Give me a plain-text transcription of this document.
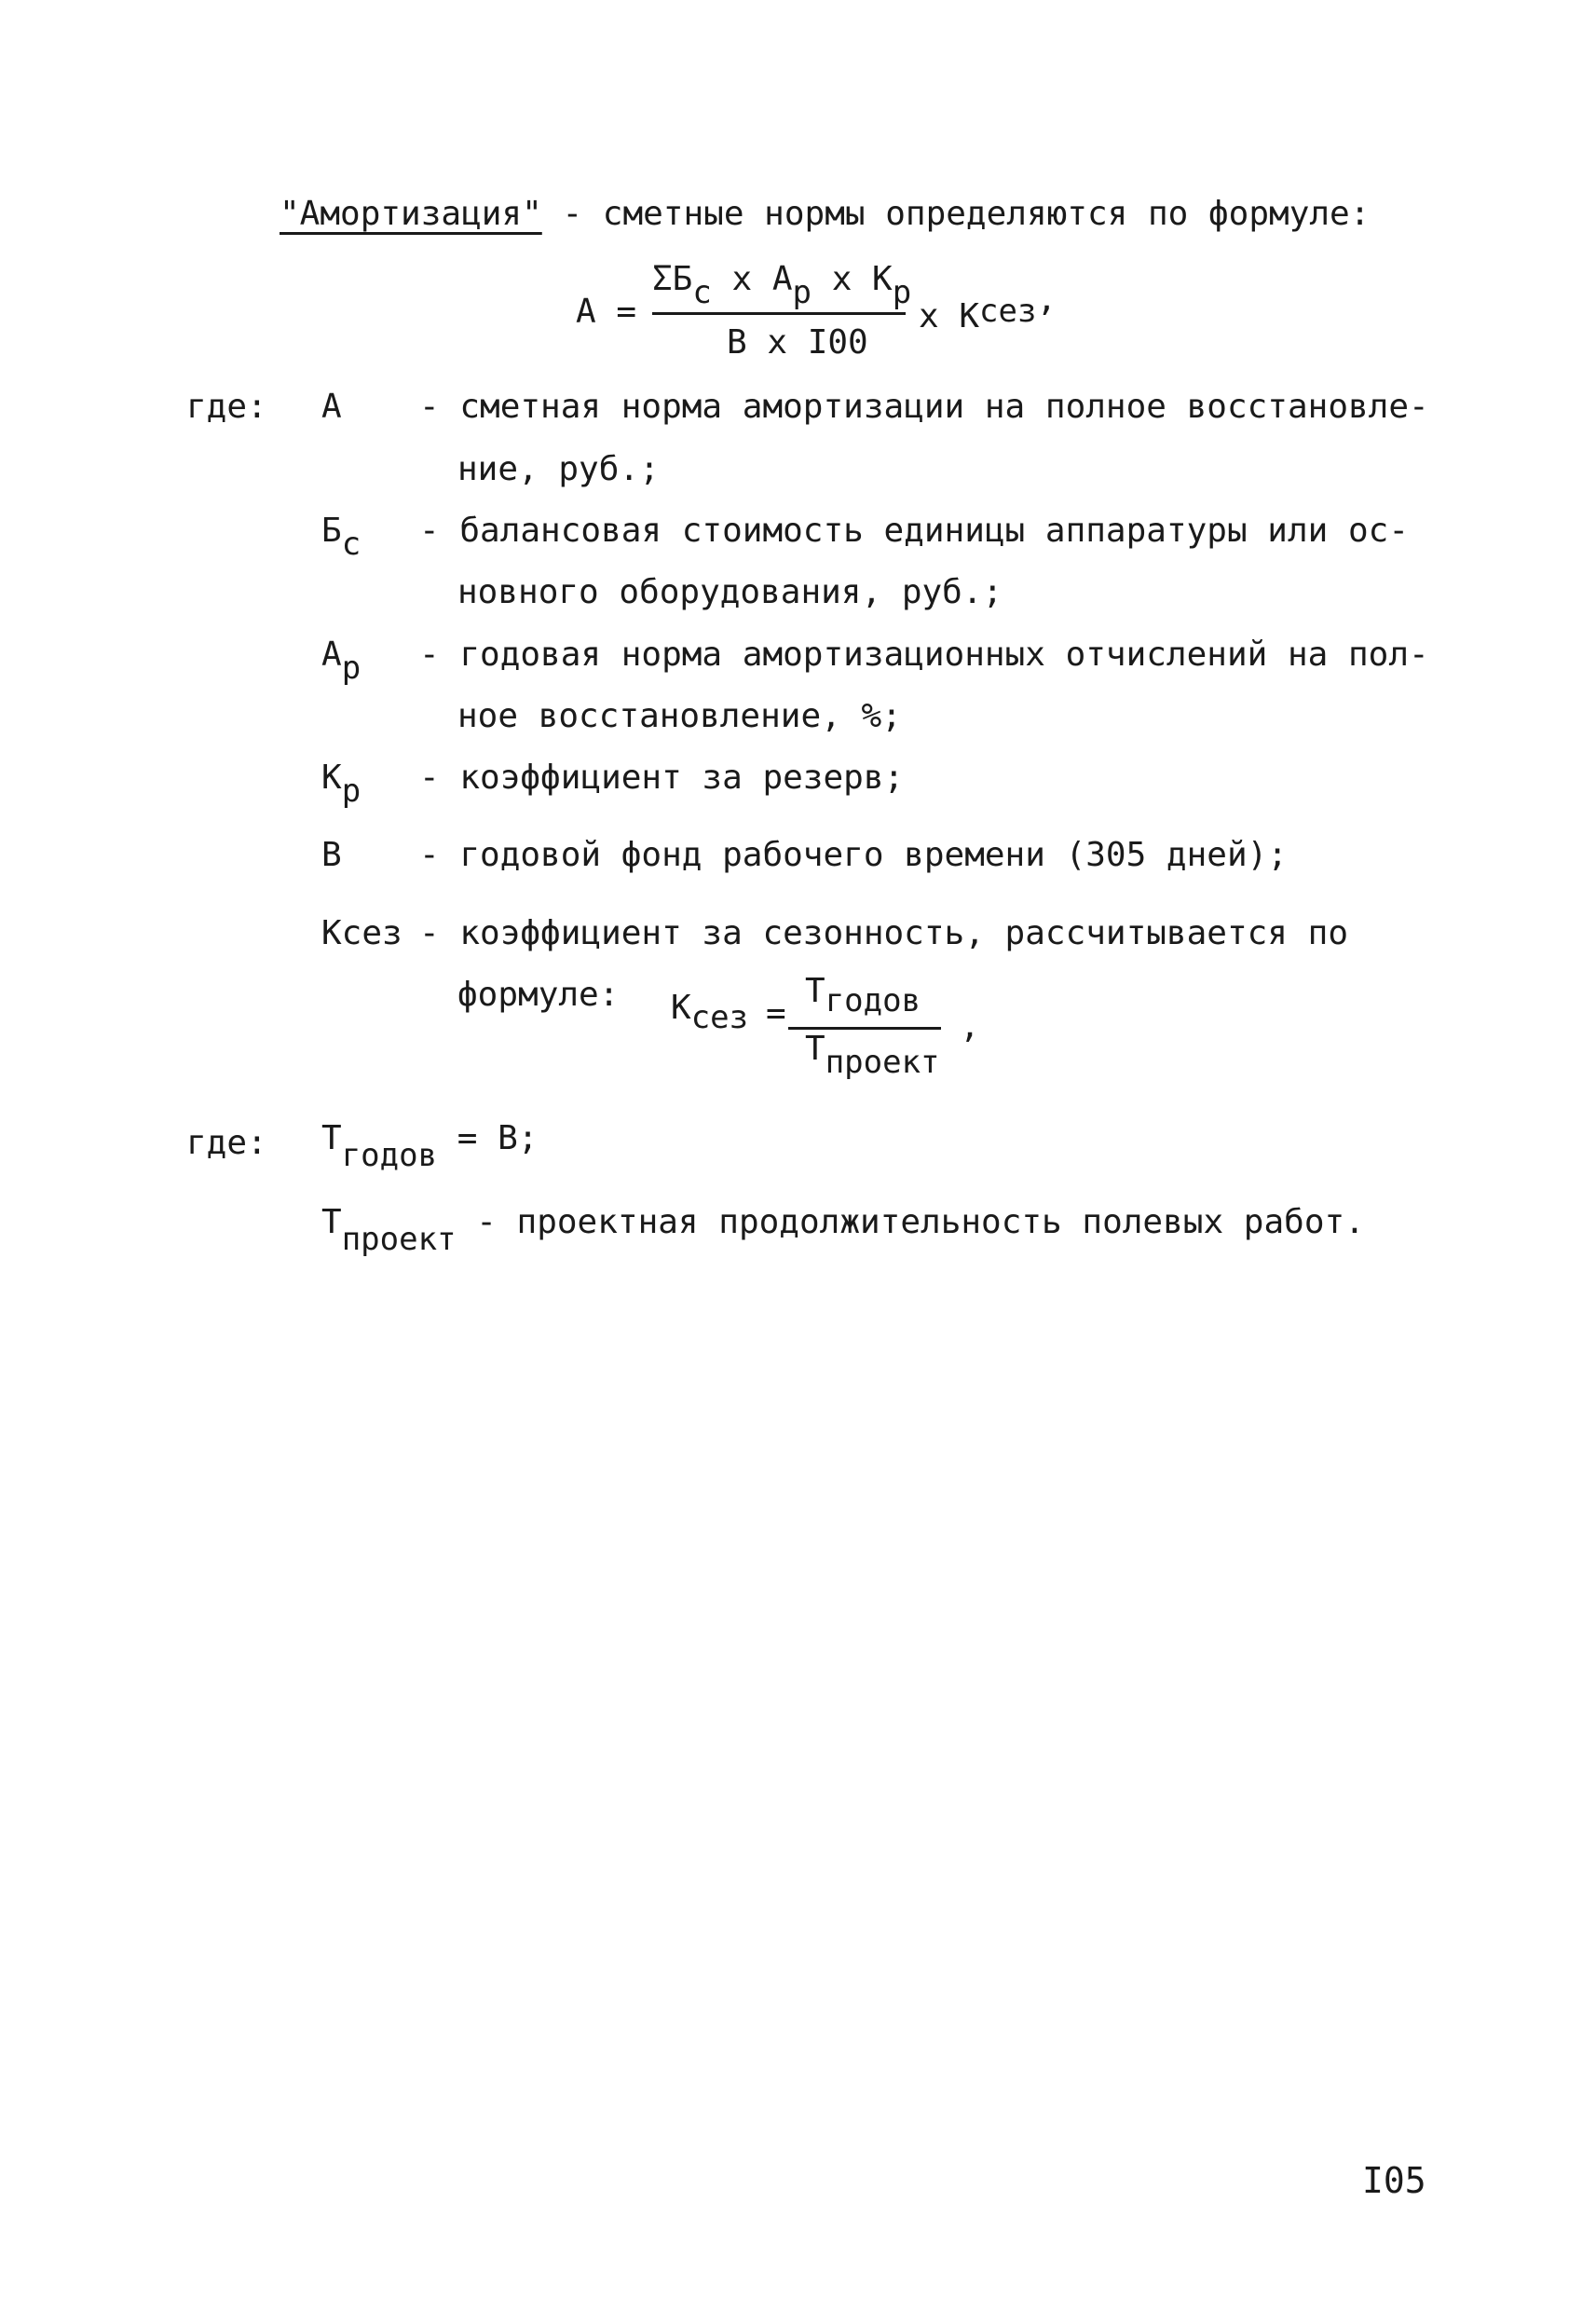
"Амортизация" - сметные нормы определяются по формуле:
А =
ΣБс х Ар х Кр
В х I00
х Ксез,
где: А - сметная норма амортизации на полное восстановле-
ние, руб.;
Бс - балансовая стоимость единицы аппаратуры или ос-
новного оборудования, руб.;
Ар - годовая норма амортизационных отчислений на пол-
ное восстановление, %;
Кр - коэффициент за резерв;
В - годовой фонд рабочего времени (305 дней);
Ксез - коэффициент за сезонность, рассчитывается по
формуле: Ксез =
Тгодов
Тпроект
,
где: Тгодов = В;
Тпроект - проектная продолжительность полевых работ.
I05
